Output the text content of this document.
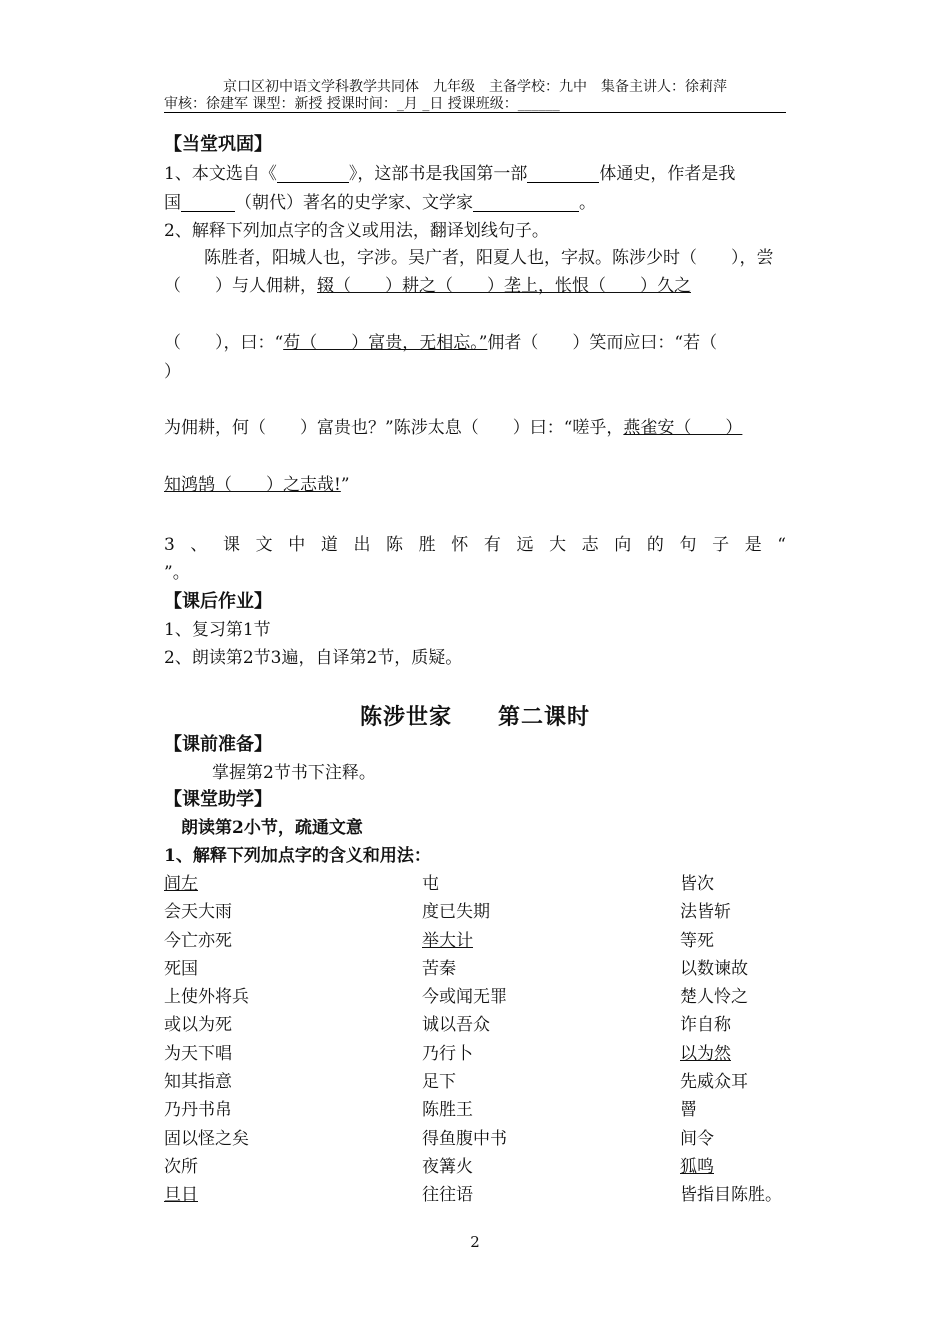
京口区初中语文学科教学共同体　九年级　主备学校：九中　集备主讲人：徐莉萍
审核：徐建军 课型：新授 授课时间：_月 _日 授课班级：______
【当堂巩固】
1、本文选自《	》，这部书是我国第一部	体通史，作者是我
国	（朝代）著名的史学家、文学家	。
2、解释下列加点字的含义或用法，翻译划线句子。
陈胜者，阳城人也，字涉。吴广者，阳夏人也，字叔。陈涉少时（　　），尝
（　　）与人佣耕，辍（　　）耕之（　　）垄上，怅恨（　　）久之
（　　），曰：“苟（　　）富贵，无相忘。”佣者（　　）笑而应曰：“若（
）
为佣耕，何（　　）富贵也？”陈涉太息（　　）曰：“嗟乎，燕雀安（　　）
知鸿鹄（　　）之志哉!”
3、课文中道出陈胜怀有远大志向的句子是“
”。
【课后作业】
1、复习第1节
2、朗读第2节3遍，自译第2节，质疑。
陈涉世家　　第二课时
【课前准备】
掌握第2节书下注释。
【课堂助学】
朗读第2小节，疏通文意
1、解释下列加点字的含义和用法：
闾左	屯	皆次
会天大雨	度已失期	法皆斩
今亡亦死	举大计	等死
死国	苦秦	以数谏故
上使外将兵	今或闻无罪	楚人怜之
或以为死	诚以吾众	诈自称
为天下唱	乃行卜	以为然
知其指意	足下	先威众耳
乃丹书帛	陈胜王	罾
固以怪之矣	得鱼腹中书	间令
次所	夜篝火	狐鸣
旦日	往往语	皆指目陈胜。
2
